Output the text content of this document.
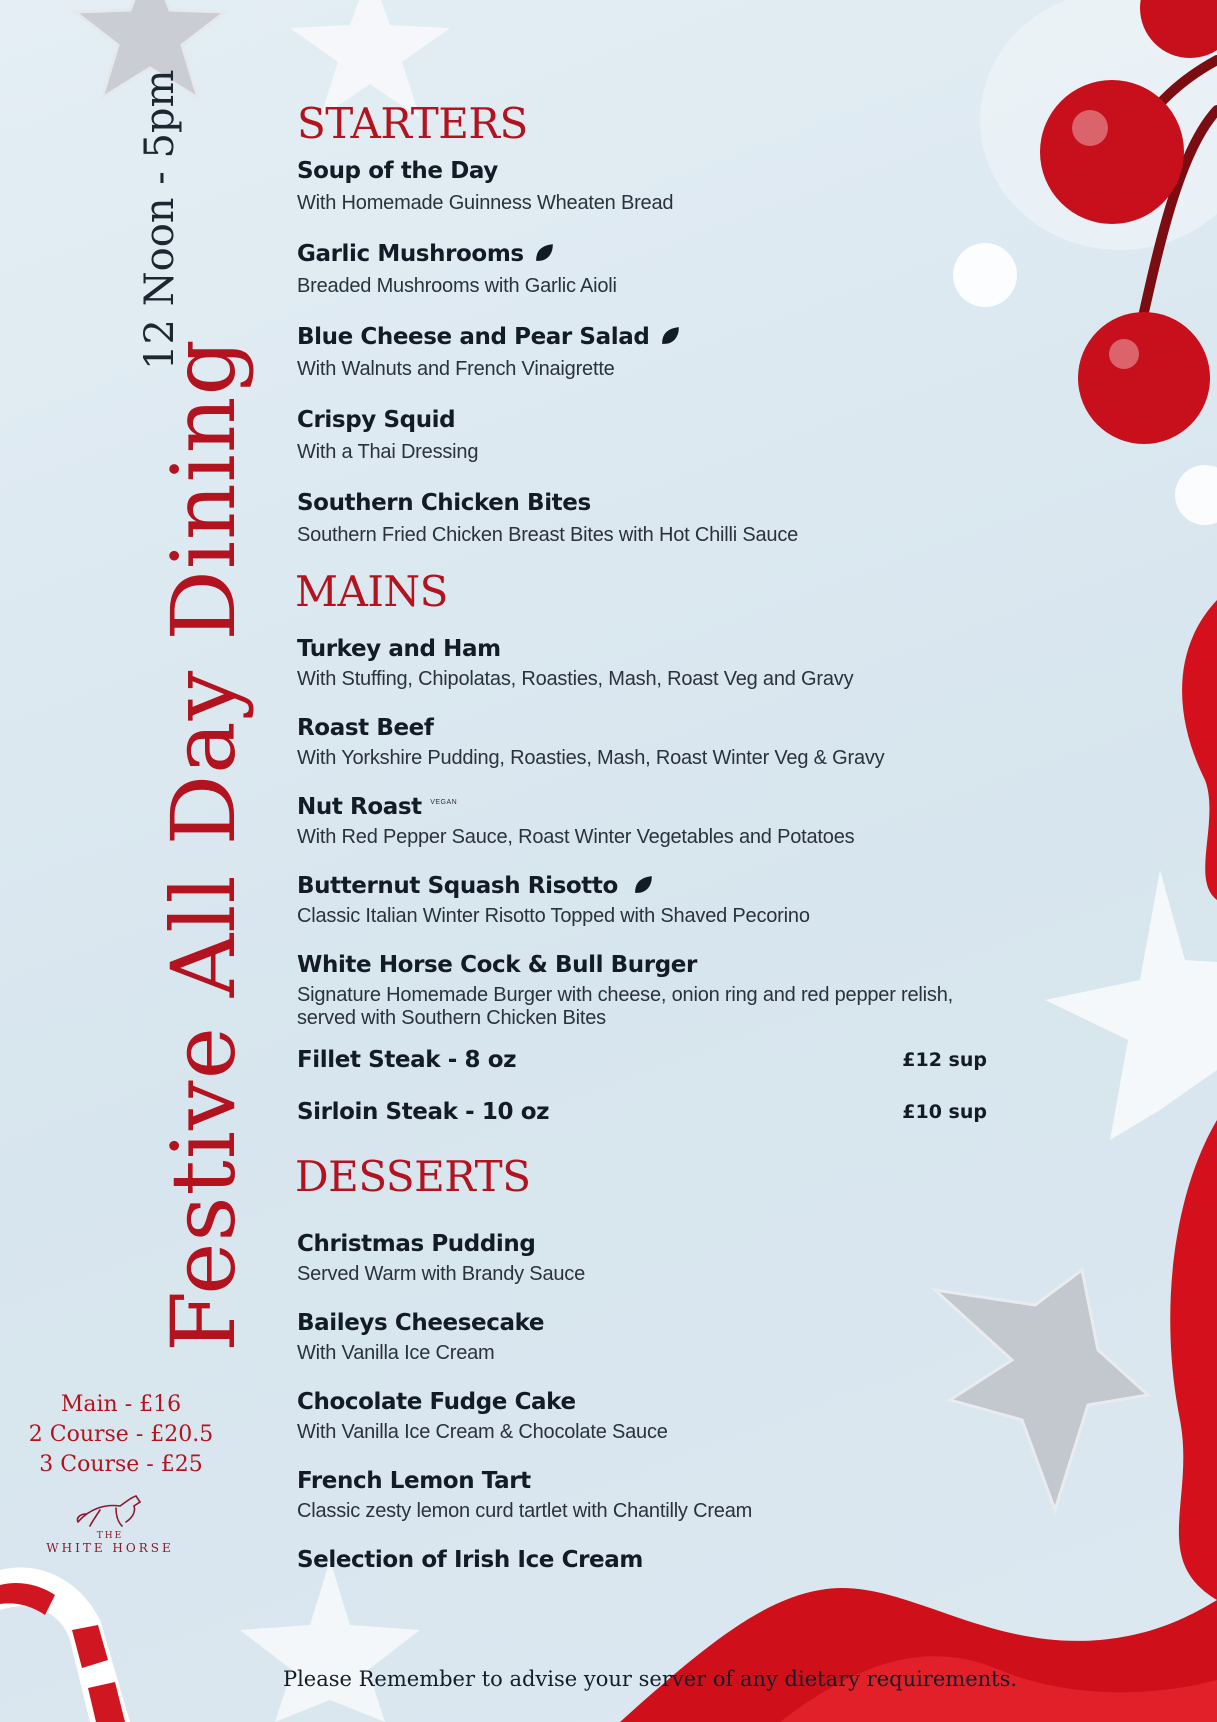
Festive All Day Dining
12 Noon - 5pm
Main - £16
2 Course - £20.5
3 Course - £25
THE
WHITE HORSE
STARTERS
Soup of the Day
With Homemade Guinness Wheaten Bread
Garlic Mushrooms
Breaded Mushrooms with Garlic Aioli
Blue Cheese and Pear Salad
With Walnuts and French Vinaigrette
Crispy Squid
With a Thai Dressing
Southern Chicken Bites
Southern Fried Chicken Breast Bites with Hot Chilli Sauce
MAINS
Turkey and Ham
With Stuffing, Chipolatas, Roasties, Mash, Roast Veg and Gravy
Roast Beef
With Yorkshire Pudding, Roasties, Mash, Roast Winter Veg & Gravy
Nut Roast $^{VEGAN}$
With Red Pepper Sauce, Roast Winter Vegetables and Potatoes
Butternut Squash Risotto
Classic Italian Winter Risotto Topped with Shaved Pecorino
White Horse Cock & Bull Burger
Signature Homemade Burger with cheese, onion ring and red pepper relish,
served with Southern Chicken Bites
Fillet Steak - 8 oz	£12 sup
Sirloin Steak - 10 oz	£10 sup
DESSERTS
Christmas Pudding
Served Warm with Brandy Sauce
Baileys Cheesecake
With Vanilla Ice Cream
Chocolate Fudge Cake
With Vanilla Ice Cream & Chocolate Sauce
French Lemon Tart
Classic zesty lemon curd tartlet with Chantilly Cream
Selection of Irish Ice Cream
Please Remember to advise your server of any dietary requirements.
